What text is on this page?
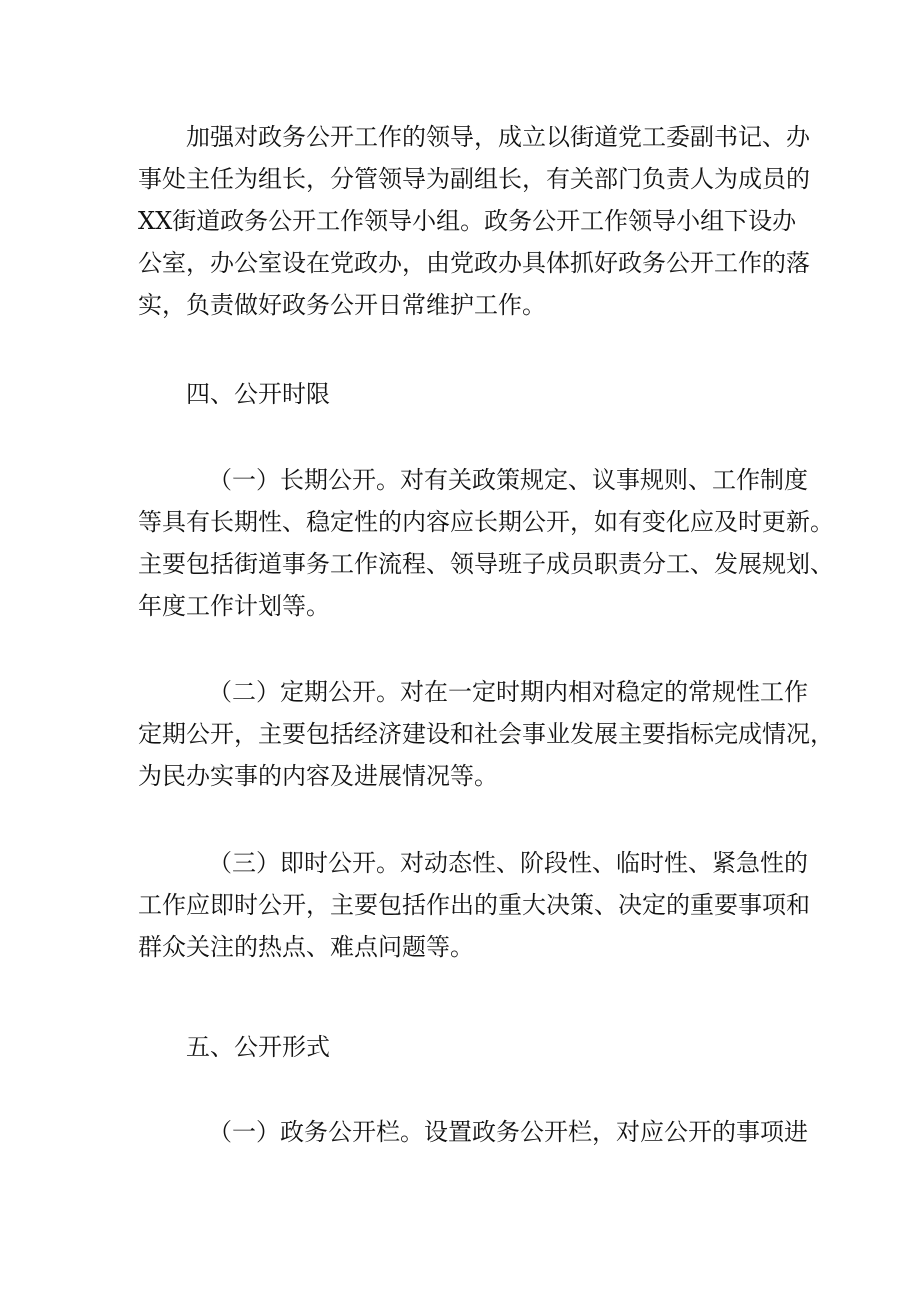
加强对政务公开工作的领导，成立以街道党工委副书记、办
事处主任为组长，分管领导为副组长，有关部门负责人为成员的
XX街道政务公开工作领导小组。政务公开工作领导小组下设办
公室，办公室设在党政办，由党政办具体抓好政务公开工作的落
实，负责做好政务公开日常维护工作。
四、公开时限
（一）长期公开。对有关政策规定、议事规则、工作制度
等具有长期性、稳定性的内容应长期公开，如有变化应及时更新。
主要包括街道事务工作流程、领导班子成员职责分工、发展规划、
年度工作计划等。
（二）定期公开。对在一定时期内相对稳定的常规性工作
定期公开，主要包括经济建设和社会事业发展主要指标完成情况，
为民办实事的内容及进展情况等。
（三）即时公开。对动态性、阶段性、临时性、紧急性的
工作应即时公开，主要包括作出的重大决策、决定的重要事项和
群众关注的热点、难点问题等。
五、公开形式
（一）政务公开栏。设置政务公开栏，对应公开的事项进
